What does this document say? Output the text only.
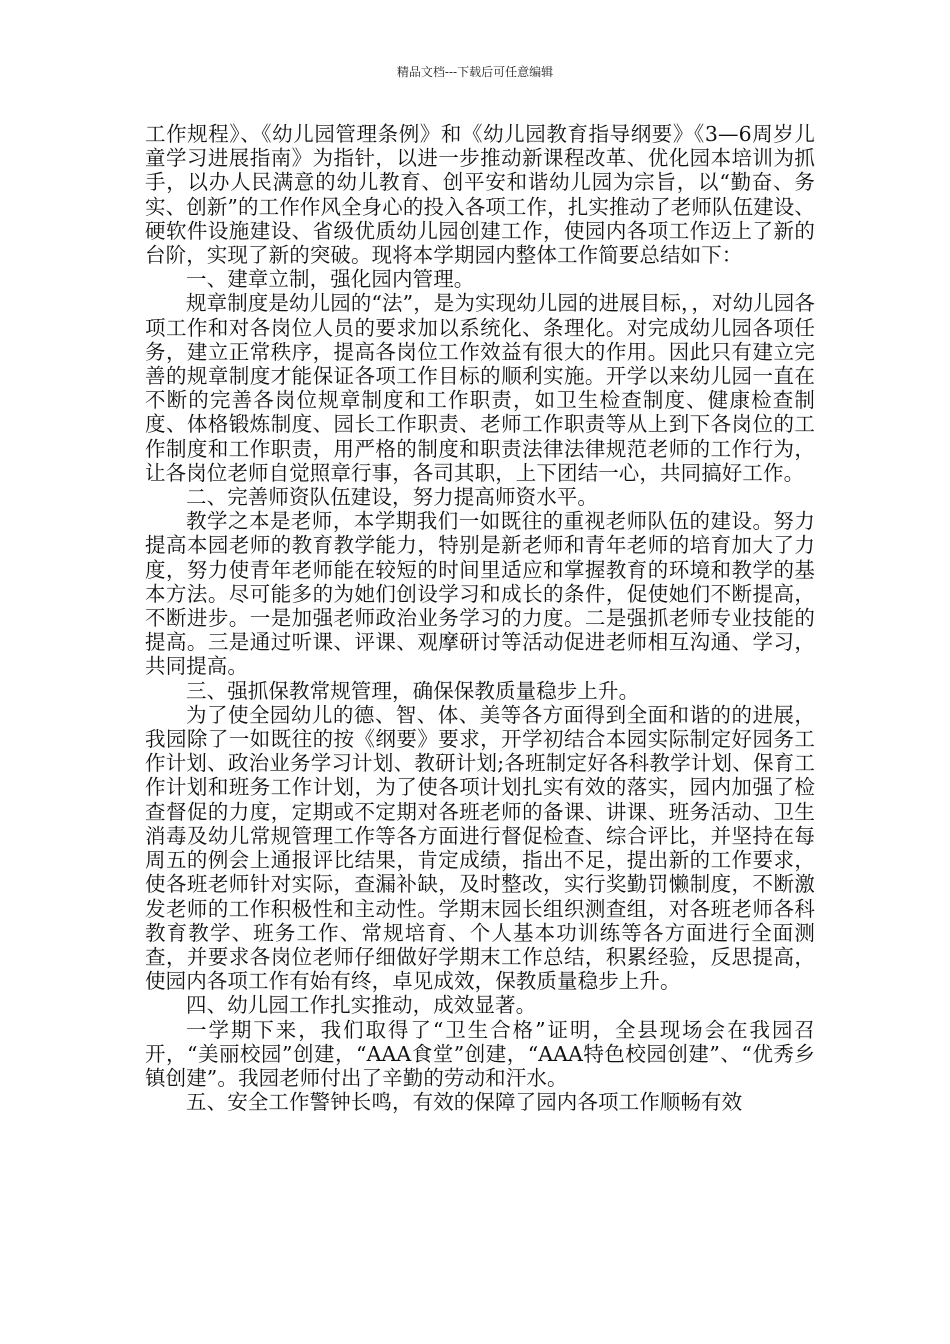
精品文档---下载后可任意编辑

工作规程》、《幼儿园管理条例》和《幼儿园教育指导纲要》《3—6周岁儿童学习进展指南》为指针，以进一步推动新课程改革、优化园本培训为抓手，以办人民满意的幼儿教育、创平安和谐幼儿园为宗旨，以“勤奋、务实、创新”的工作作风全身心的投入各项工作，扎实推动了老师队伍建设、硬软件设施建设、省级优质幼儿园创建工作，使园内各项工作迈上了新的台阶，实现了新的突破。现将本学期园内整体工作简要总结如下：

一、建章立制，强化园内管理。

规章制度是幼儿园的“法”，是为实现幼儿园的进展目标，，对幼儿园各项工作和对各岗位人员的要求加以系统化、条理化。对完成幼儿园各项任务，建立正常秩序，提高各岗位工作效益有很大的作用。因此只有建立完善的规章制度才能保证各项工作目标的顺利实施。开学以来幼儿园一直在不断的完善各岗位规章制度和工作职责，如卫生检查制度、健康检查制度、体格锻炼制度、园长工作职责、老师工作职责等从上到下各岗位的工作制度和工作职责，用严格的制度和职责法律法律规范老师的工作行为，让各岗位老师自觉照章行事，各司其职，上下团结一心，共同搞好工作。

二、完善师资队伍建设，努力提高师资水平。

教学之本是老师，本学期我们一如既往的重视老师队伍的建设。努力提高本园老师的教育教学能力，特别是新老师和青年老师的培育加大了力度，努力使青年老师能在较短的时间里适应和掌握教育的环境和教学的基本方法。尽可能多的为她们创设学习和成长的条件，促使她们不断提高，不断进步。一是加强老师政治业务学习的力度。二是强抓老师专业技能的提高。三是通过听课、评课、观摩研讨等活动促进老师相互沟通、学习，共同提高。

三、强抓保教常规管理，确保保教质量稳步上升。

为了使全园幼儿的德、智、体、美等各方面得到全面和谐的的进展，我园除了一如既往的按《纲要》要求，开学初结合本园实际制定好园务工作计划、政治业务学习计划、教研计划;各班制定好各科教学计划、保育工作计划和班务工作计划，为了使各项计划扎实有效的落实，园内加强了检查督促的力度，定期或不定期对各班老师的备课、讲课、班务活动、卫生消毒及幼儿常规管理工作等各方面进行督促检查、综合评比，并坚持在每周五的例会上通报评比结果，肯定成绩，指出不足，提出新的工作要求，使各班老师针对实际，查漏补缺，及时整改，实行奖勤罚懒制度，不断激发老师的工作积极性和主动性。学期末园长组织测查组，对各班老师各科教育教学、班务工作、常规培育、个人基本功训练等各方面进行全面测查，并要求各岗位老师仔细做好学期末工作总结，积累经验，反思提高，使园内各项工作有始有终，卓见成效，保教质量稳步上升。

四、幼儿园工作扎实推动，成效显著。

一学期下来，我们取得了“卫生合格”证明，全县现场会在我园召开，“美丽校园”创建，“AAA食堂”创建，“AAA特色校园创建”、“优秀乡镇创建”。我园老师付出了辛勤的劳动和汗水。

五、安全工作警钟长鸣，有效的保障了园内各项工作顺畅有效
